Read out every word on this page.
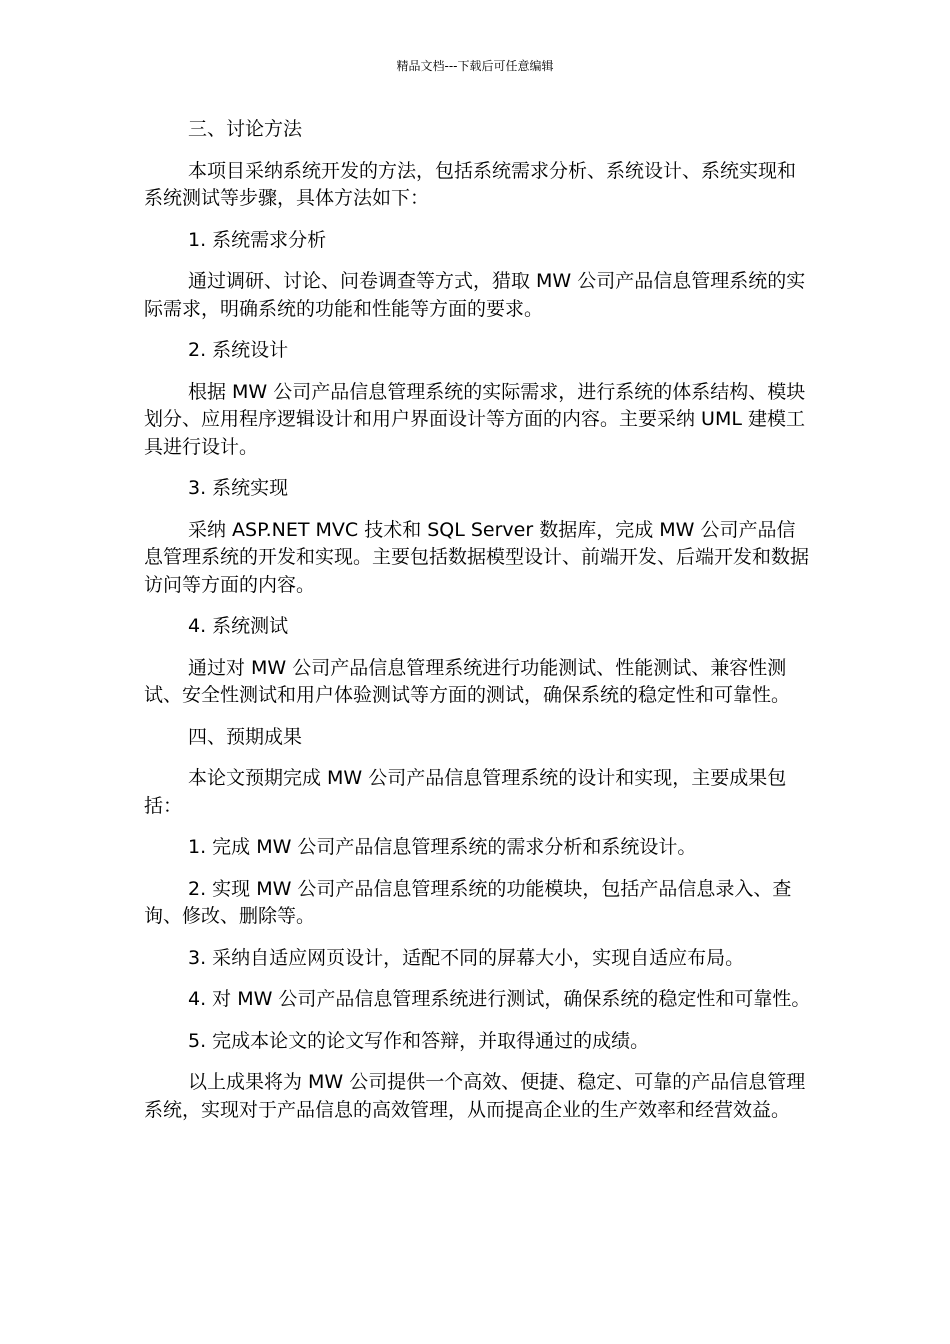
精品文档---下载后可任意编辑

三、讨论方法

本项目采纳系统开发的方法，包括系统需求分析、系统设计、系统实现和系统测试等步骤，具体方法如下：

1. 系统需求分析

通过调研、讨论、问卷调查等方式，猎取 MW 公司产品信息管理系统的实际需求，明确系统的功能和性能等方面的要求。

2. 系统设计

根据 MW 公司产品信息管理系统的实际需求，进行系统的体系结构、模块划分、应用程序逻辑设计和用户界面设计等方面的内容。主要采纳 UML 建模工具进行设计。

3. 系统实现

采纳 ASP.NET MVC 技术和 SQL Server 数据库，完成 MW 公司产品信息管理系统的开发和实现。主要包括数据模型设计、前端开发、后端开发和数据访问等方面的内容。

4. 系统测试

通过对 MW 公司产品信息管理系统进行功能测试、性能测试、兼容性测试、安全性测试和用户体验测试等方面的测试，确保系统的稳定性和可靠性。

四、预期成果

本论文预期完成 MW 公司产品信息管理系统的设计和实现，主要成果包括：

1. 完成 MW 公司产品信息管理系统的需求分析和系统设计。

2. 实现 MW 公司产品信息管理系统的功能模块，包括产品信息录入、查询、修改、删除等。

3. 采纳自适应网页设计，适配不同的屏幕大小，实现自适应布局。

4. 对 MW 公司产品信息管理系统进行测试，确保系统的稳定性和可靠性。

5. 完成本论文的论文写作和答辩，并取得通过的成绩。

以上成果将为 MW 公司提供一个高效、便捷、稳定、可靠的产品信息管理系统，实现对于产品信息的高效管理，从而提高企业的生产效率和经营效益。
